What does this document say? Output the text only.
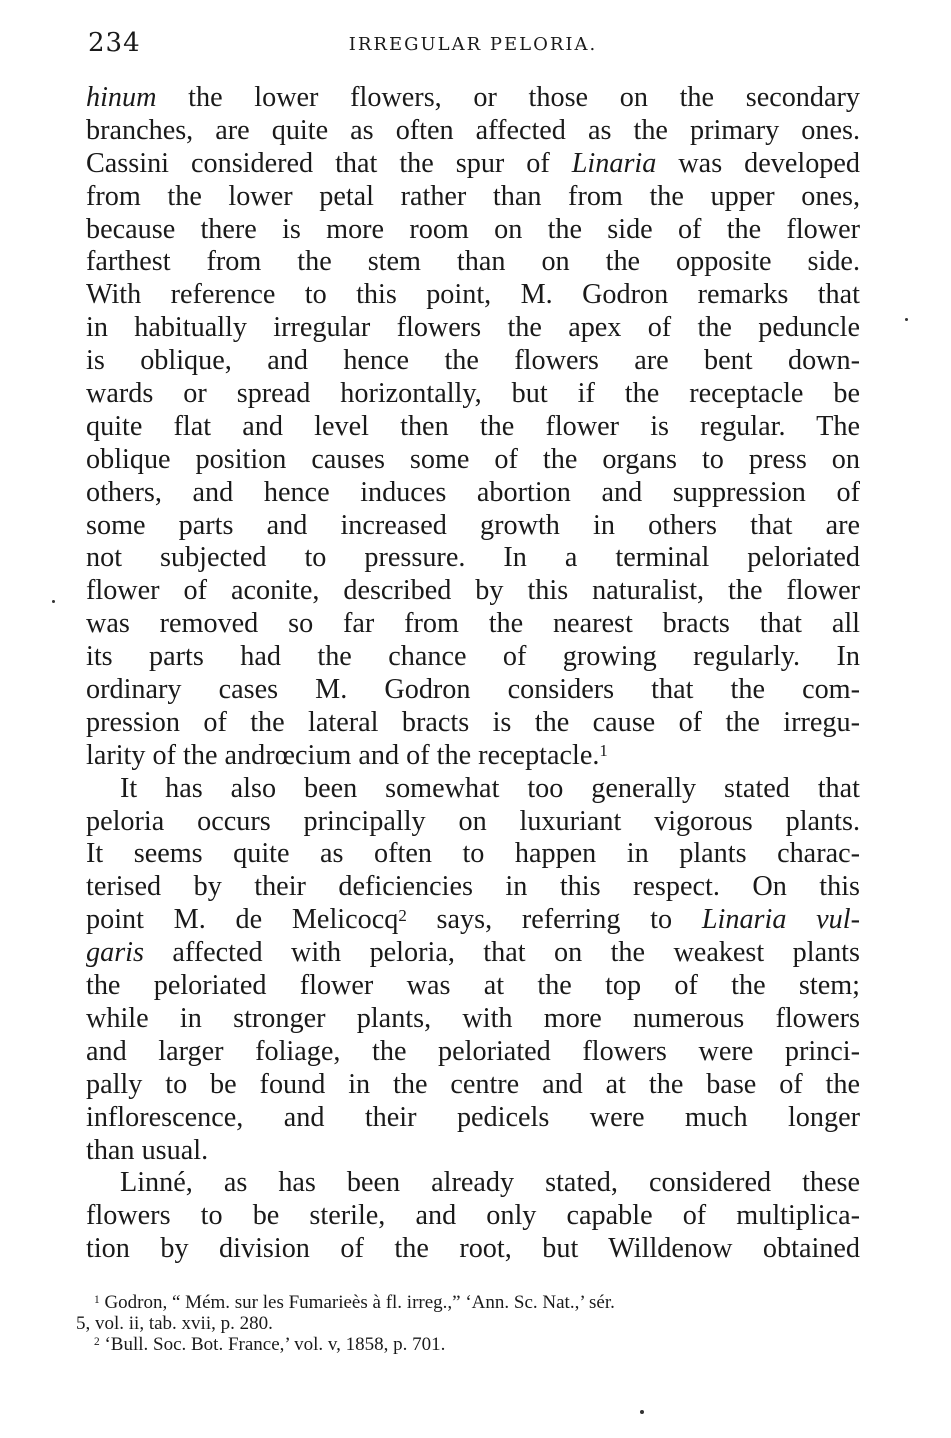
234	IRREGULAR PELORIA.
hinum the lower flowers, or those on the secondary
branches, are quite as often affected as the primary ones.
Cassini considered that the spur of Linaria was developed
from the lower petal rather than from the upper ones,
because there is more room on the side of the flower
farthest from the stem than on the opposite side.
With reference to this point, M. Godron remarks that
in habitually irregular flowers the apex of the peduncle
is oblique, and hence the flowers are bent down-
wards or spread horizontally, but if the receptacle be
quite flat and level then the flower is regular. The
oblique position causes some of the organs to press on
others, and hence induces abortion and suppression of
some parts and increased growth in others that are
not subjected to pressure. In a terminal peloriated
flower of aconite, described by this naturalist, the flower
was removed so far from the nearest bracts that all
its parts had the chance of growing regularly. In
ordinary cases M. Godron considers that the com-
pression of the lateral bracts is the cause of the irregu-
larity of the andrœcium and of the receptacle.$^1$
It has also been somewhat too generally stated that
peloria occurs principally on luxuriant vigorous plants.
It seems quite as often to happen in plants charac-
terised by their deficiencies in this respect. On this
point M. de Melicocq$^2$ says, referring to Linaria vul-
garis affected with peloria, that on the weakest plants
the peloriated flower was at the top of the stem;
while in stronger plants, with more numerous flowers
and larger foliage, the peloriated flowers were princi-
pally to be found in the centre and at the base of the
inflorescence, and their pedicels were much longer
than usual.
Linné, as has been already stated, considered these
flowers to be sterile, and only capable of multiplica-
tion by division of the root, but Willdenow obtained
$^1$ Godron, “ Mém. sur les Fumarieès à fl. irreg.,” ‘Ann. Sc. Nat.,’ sér.
5, vol. ii, tab. xvii, p. 280.
$^2$ ‘Bull. Soc. Bot. France,’ vol. v, 1858, p. 701.
